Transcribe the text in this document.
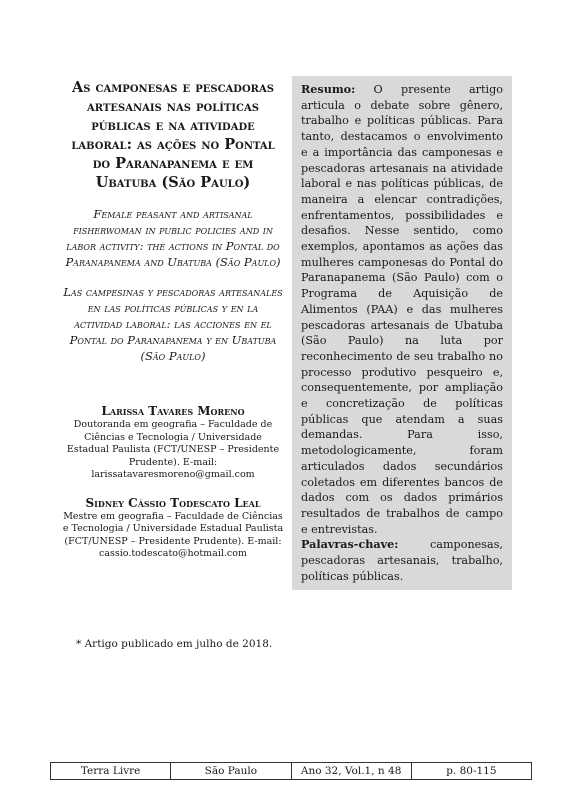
As camponesas e pescadoras artesanais nas políticas públicas e na atividade laboral: as ações no Pontal do Paranapanema e em Ubatuba (São Paulo)

Female peasant and artisanal fisherwoman in public policies and in labor activity: the actions in Pontal do Paranapanema and Ubatuba (São Paulo)

Las campesinas y pescadoras artesanales en las políticas públicas y en la actividad laboral: las acciones en el Pontal do Paranapanema y en Ubatuba (São Paulo)

Larissa Tavares Moreno

Doutoranda em geografia – Faculdade de Ciências e Tecnologia / Universidade Estadual Paulista (FCT/UNESP – Presidente Prudente). E-mail: larissatavaresmoreno@gmail.com

Sidney Cássio Todescato Leal

Mestre em geografia – Faculdade de Ciências e Tecnologia / Universidade Estadual Paulista (FCT/UNESP – Presidente Prudente). E-mail: cassio.todescato@hotmail.com

* Artigo publicado em julho de 2018.

Resumo: O presente artigo articula o debate sobre gênero, trabalho e políticas públicas. Para tanto, destacamos o envolvimento e a importância das camponesas e pescadoras artesanais na atividade laboral e nas políticas públicas, de maneira a elencar contradições, enfrentamentos, possibilidades e desafios. Nesse sentido, como exemplos, apontamos as ações das mulheres camponesas do Pontal do Paranapanema (São Paulo) com o Programa de Aquisição de Alimentos (PAA) e das mulheres pescadoras artesanais de Ubatuba (São Paulo) na luta por reconhecimento de seu trabalho no processo produtivo pesqueiro e, consequentemente, por ampliação e concretização de políticas públicas que atendam a suas demandas. Para isso, metodologicamente, foram articulados dados secundários coletados em diferentes bancos de dados com os dados primários resultados de trabalhos de campo e entrevistas.

Palavras-chave:	camponesas, pescadoras artesanais, trabalho, políticas públicas.

Terra Livre	São Paulo	Ano 32, Vol.1, n 48	p. 80-115
